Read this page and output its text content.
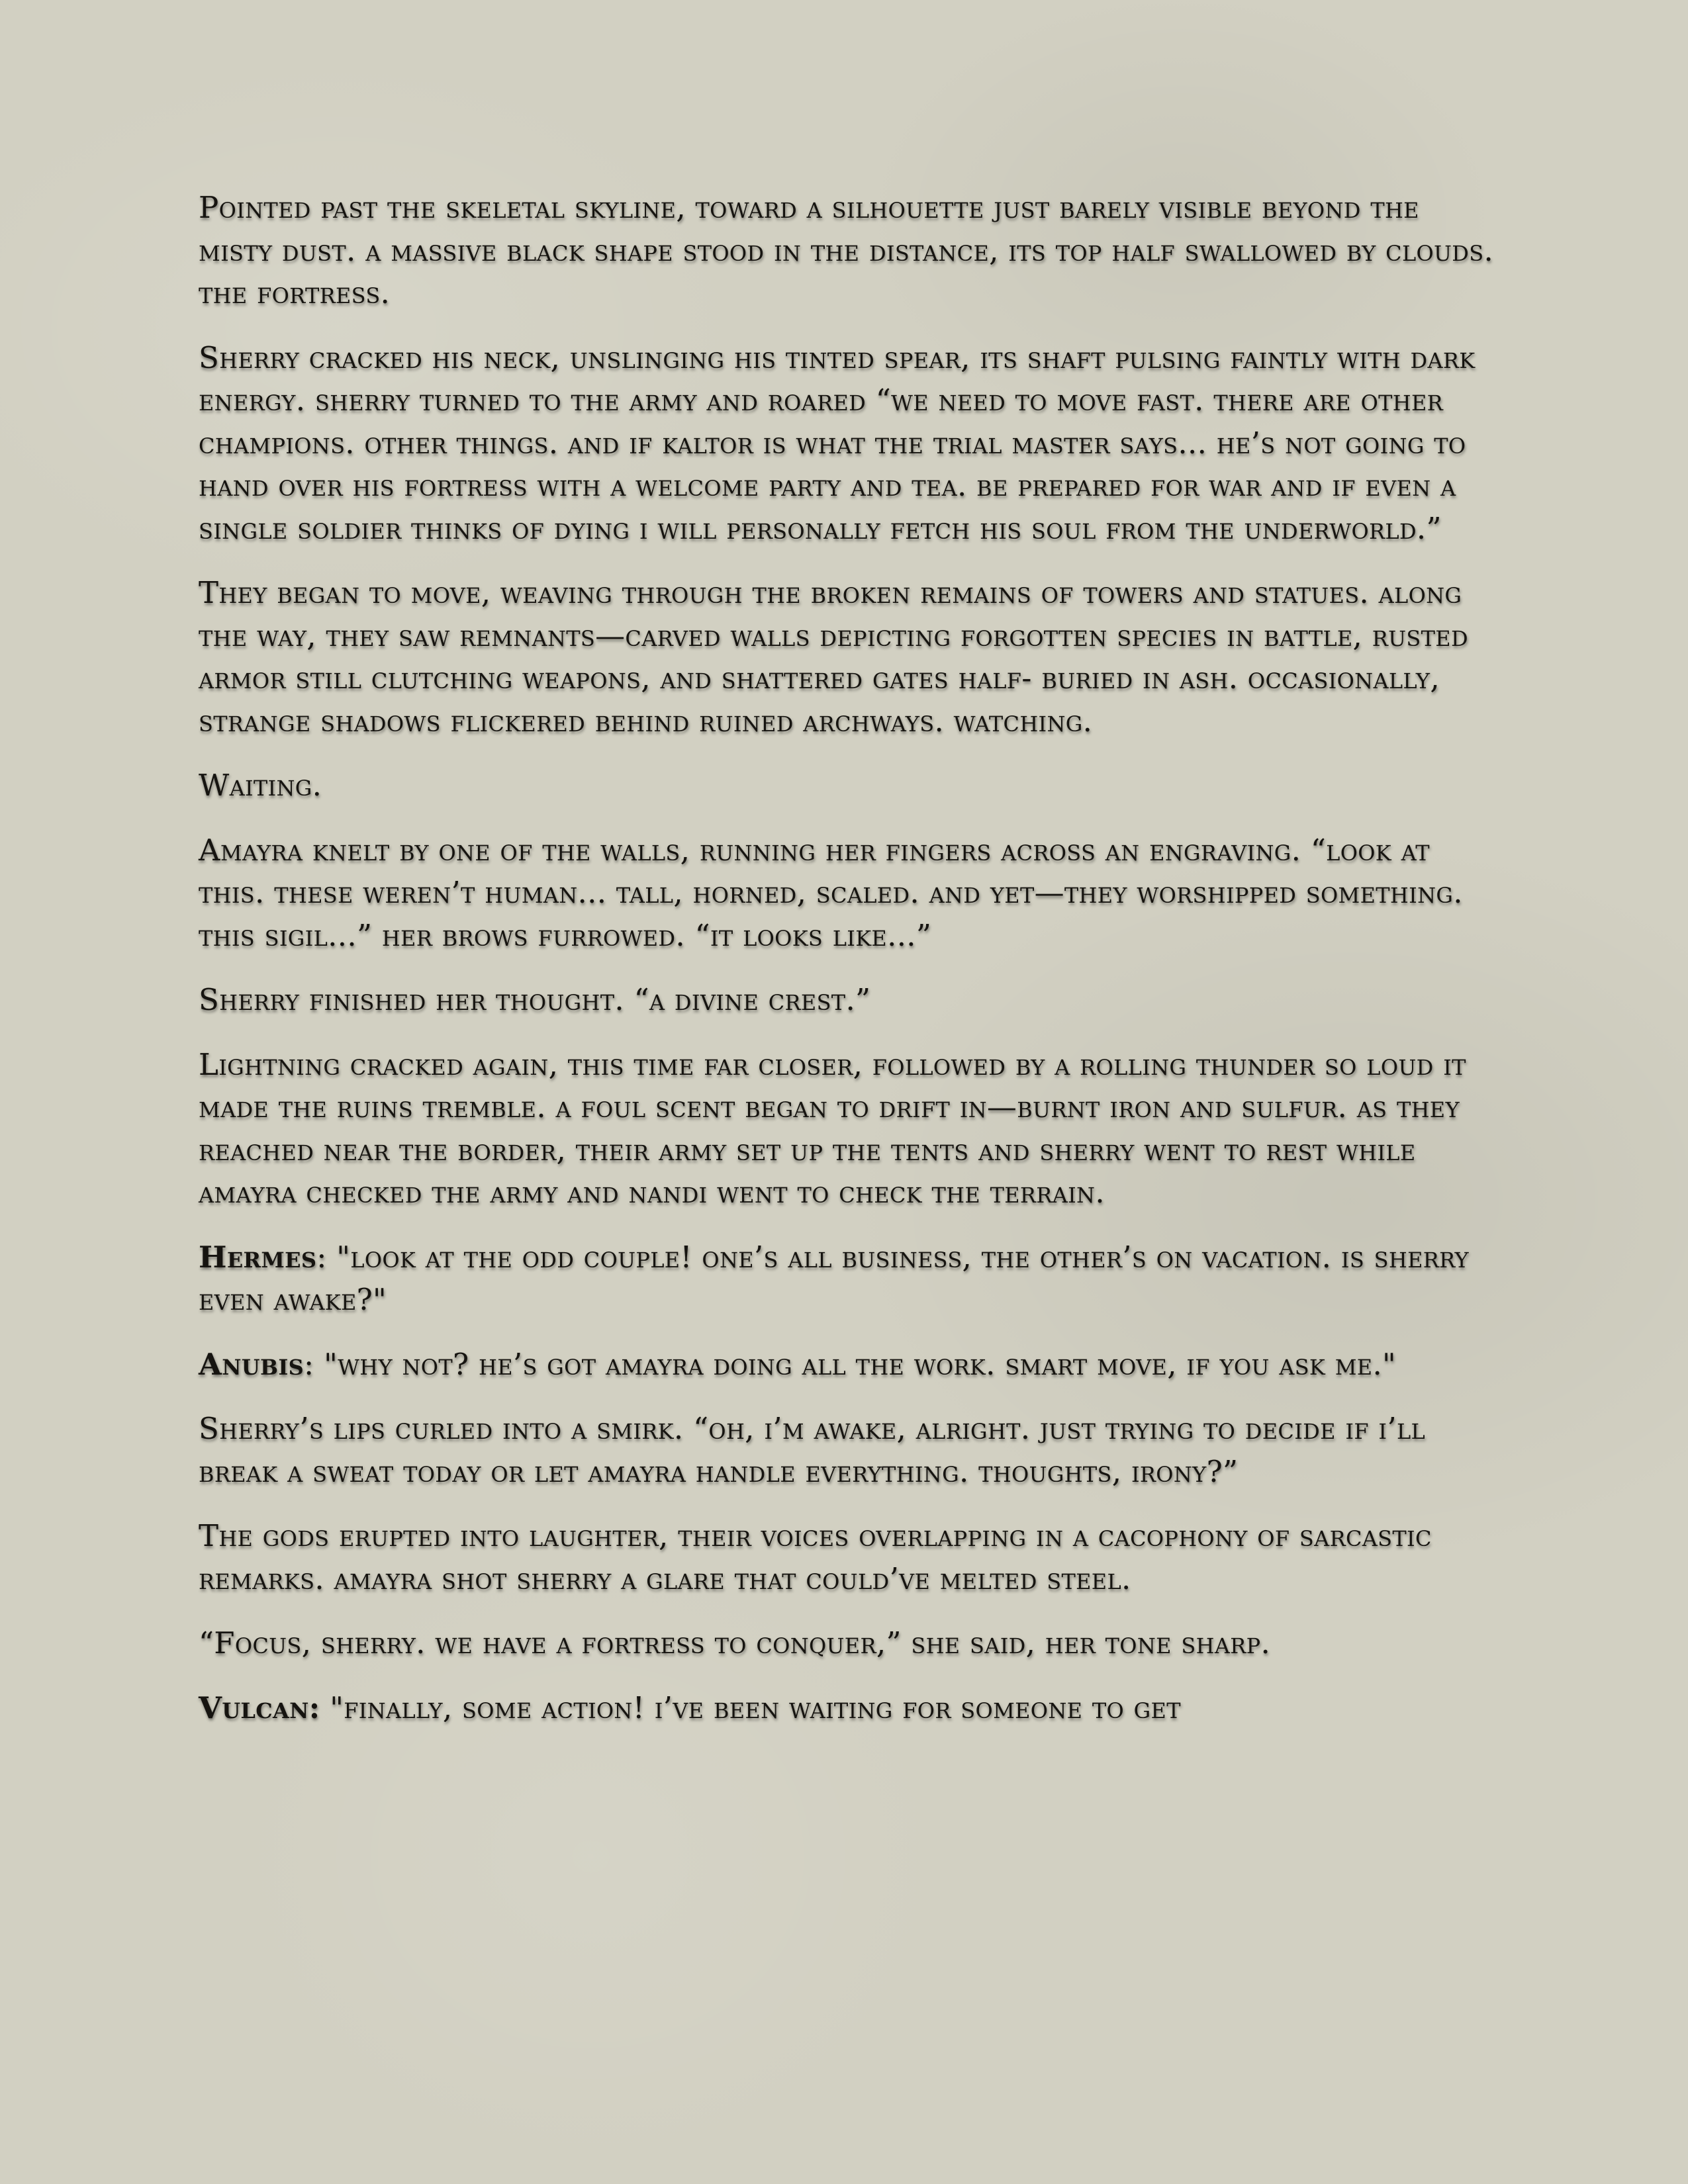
Pointed past the skeletal skyline, toward a silhouette just barely visible beyond the misty dust. a massive black shape stood in the distance, its top half swallowed by clouds. the fortress.

Sherry cracked his neck, unslinging his tinted spear, its shaft pulsing faintly with dark energy. sherry turned to the army and roared “we need to move fast. there are other champions. other things. and if kaltor is what the trial master says... he’s not going to hand over his fortress with a welcome party and tea. be prepared for war and if even a single soldier thinks of dying i will personally fetch his soul from the underworld.”

They began to move, weaving through the broken remains of towers and statues. along the way, they saw remnants—carved walls depicting forgotten species in battle, rusted armor still clutching weapons, and shattered gates half- buried in ash. occasionally, strange shadows flickered behind ruined archways. watching.

Waiting.

Amayra knelt by one of the walls, running her fingers across an engraving. “look at this. these weren’t human... tall, horned, scaled. and yet—they worshipped something. this sigil...” her brows furrowed. “it looks like...”

Sherry finished her thought. “a divine crest.”

Lightning cracked again, this time far closer, followed by a rolling thunder so loud it made the ruins tremble. a foul scent began to drift in—burnt iron and sulfur. as they reached near the border, their army set up the tents and sherry went to rest while amayra checked the army and nandi went to check the terrain.

Hermes: "look at the odd couple! one’s all business, the other’s on vacation. is sherry even awake?"

Anubis: "why not? he’s got amayra doing all the work. smart move, if you ask me."

Sherry’s lips curled into a smirk. “oh, i’m awake, alright. just trying to decide if i’ll break a sweat today or let amayra handle everything. thoughts, irony?”

The gods erupted into laughter, their voices overlapping in a cacophony of sarcastic remarks. amayra shot sherry a glare that could’ve melted steel.

“Focus, sherry. we have a fortress to conquer,” she said, her tone sharp.

Vulcan: "finally, some action! i’ve been waiting for someone to get
